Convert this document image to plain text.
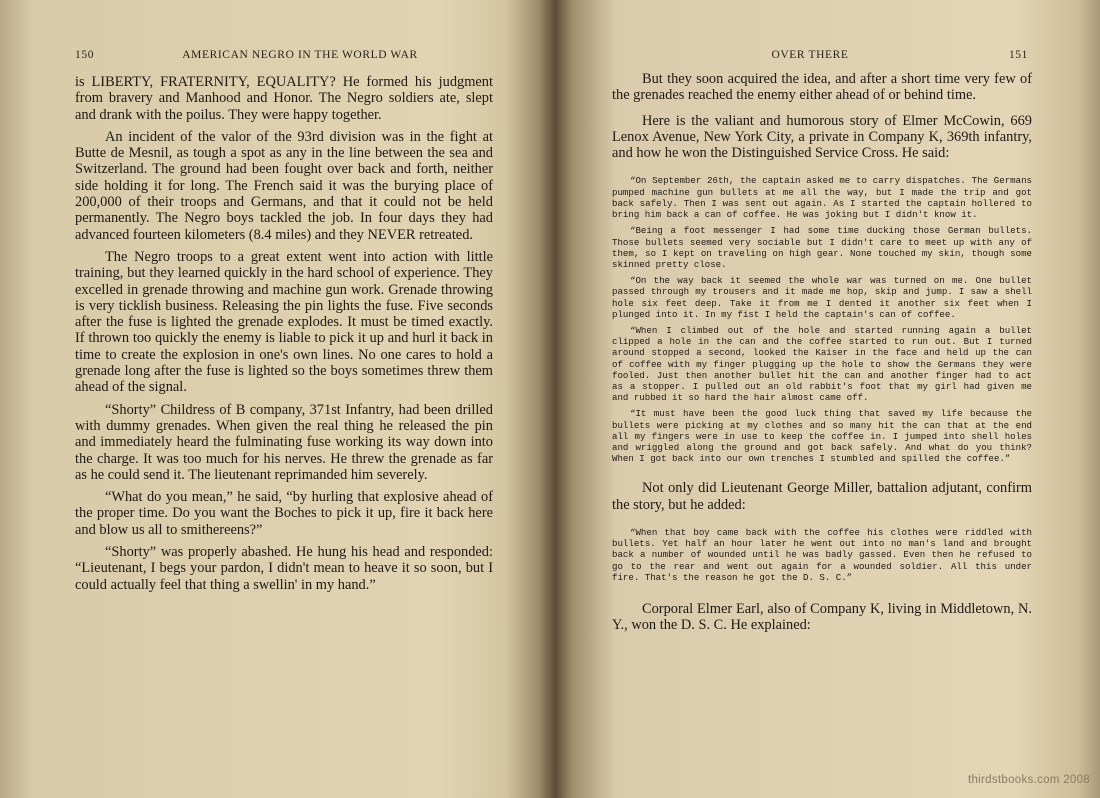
150	AMERICAN NEGRO IN THE WORLD WAR

is LIBERTY, FRATERNITY, EQUALITY? He formed his judgment from bravery and Manhood and Honor. The Negro soldiers ate, slept and drank with the poilus. They were happy together.

An incident of the valor of the 93rd division was in the fight at Butte de Mesnil, as tough a spot as any in the line between the sea and Switzerland. The ground had been fought over back and forth, neither side holding it for long. The French said it was the burying place of 200,000 of their troops and Germans, and that it could not be held permanently. The Negro boys tackled the job. In four days they had advanced fourteen kilometers (8.4 miles) and they NEVER retreated.

The Negro troops to a great extent went into action with little training, but they learned quickly in the hard school of experience. They excelled in grenade throwing and machine gun work. Grenade throwing is very ticklish business. Releasing the pin lights the fuse. Five seconds after the fuse is lighted the grenade explodes. It must be timed exactly. If thrown too quickly the enemy is liable to pick it up and hurl it back in time to create the explosion in one's own lines. No one cares to hold a grenade long after the fuse is lighted so the boys sometimes threw them ahead of the signal.

“Shorty” Childress of B company, 371st Infantry, had been drilled with dummy grenades. When given the real thing he released the pin and immediately heard the fulminating fuse working its way down into the charge. It was too much for his nerves. He threw the grenade as far as he could send it. The lieutenant reprimanded him severely.

“What do you mean,” he said, “by hurling that explosive ahead of the proper time. Do you want the Boches to pick it up, fire it back here and blow us all to smithereens?”

“Shorty” was properly abashed. He hung his head and responded: “Lieutenant, I begs your pardon, I didn't mean to heave it so soon, but I could actually feel that thing a swellin' in my hand.”

OVER THERE	151

But they soon acquired the idea, and after a short time very few of the grenades reached the enemy either ahead of or behind time.

Here is the valiant and humorous story of Elmer McCowin, 669 Lenox Avenue, New York City, a private in Company K, 369th infantry, and how he won the Distinguished Service Cross. He said:

“On September 26th, the captain asked me to carry dispatches. The Germans pumped machine gun bullets at me all the way, but I made the trip and got back safely. Then I was sent out again. As I started the captain hollered to bring him back a can of coffee. He was joking but I didn't know it.

“Being a foot messenger I had some time ducking those German bullets. Those bullets seemed very sociable but I didn't care to meet up with any of them, so I kept on traveling on high gear. None touched my skin, though some skinned pretty close.

“On the way back it seemed the whole war was turned on me. One bullet passed through my trousers and it made me hop, skip and jump. I saw a shell hole six feet deep. Take it from me I dented it another six feet when I plunged into it. In my fist I held the captain's can of coffee.

“When I climbed out of the hole and started running again a bullet clipped a hole in the can and the coffee started to run out. But I turned around stopped a second, looked the Kaiser in the face and held up the can of coffee with my finger plugging up the hole to show the Germans they were fooled. Just then another bullet hit the can and another finger had to act as a stopper. I pulled out an old rabbit's foot that my girl had given me and rubbed it so hard the hair almost came off.

“It must have been the good luck thing that saved my life because the bullets were picking at my clothes and so many hit the can that at the end all my fingers were in use to keep the coffee in. I jumped into shell holes and wriggled along the ground and got back safely. And what do you think? When I got back into our own trenches I stumbled and spilled the coffee.”

Not only did Lieutenant George Miller, battalion adjutant, confirm the story, but he added:

“When that boy came back with the coffee his clothes were riddled with bullets. Yet half an hour later he went out into no man's land and brought back a number of wounded until he was badly gassed. Even then he refused to go to the rear and went out again for a wounded soldier. All this under fire. That's the reason he got the D. S. C.”

Corporal Elmer Earl, also of Company K, living in Middletown, N. Y., won the D. S. C. He explained:

thirdstbooks.com 2008
